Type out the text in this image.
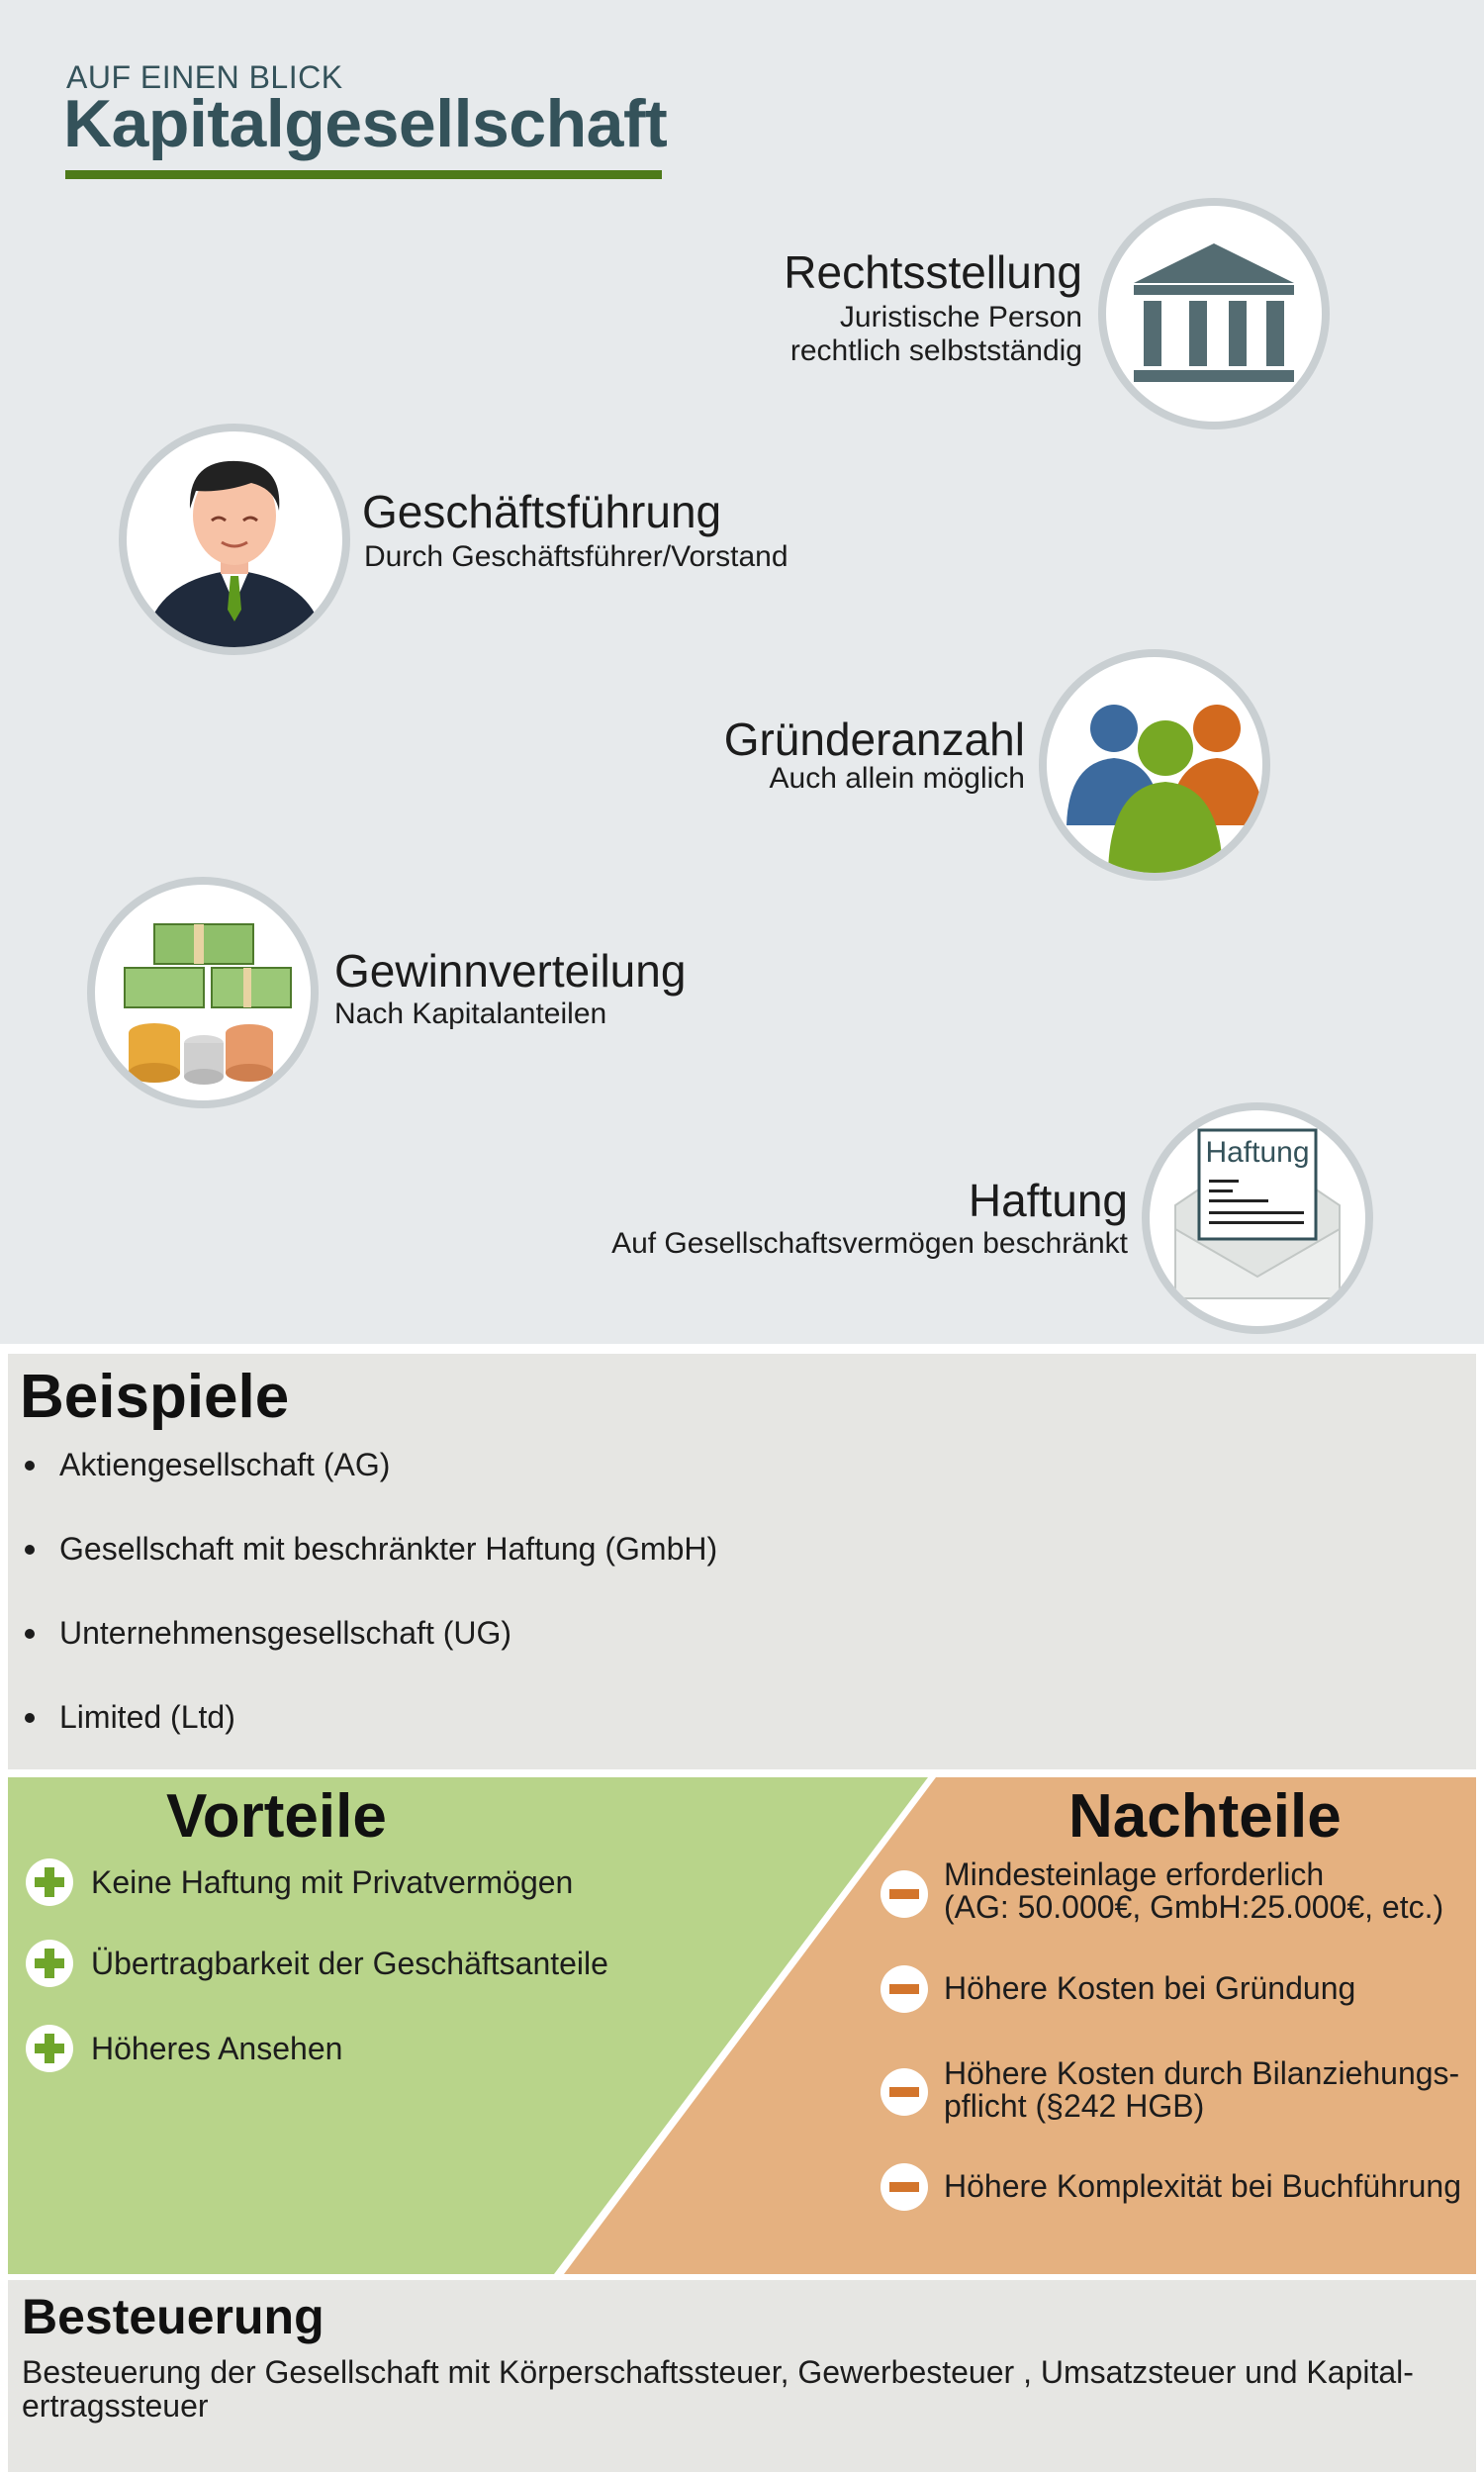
AUF EINEN BLICK
Kapitalgesellschaft
Rechtsstellung
Juristische Person
rechtlich selbstständig
Geschäftsführung
Durch Geschäftsführer/Vorstand
Gründeranzahl
Auch allein möglich
Gewinnverteilung
Nach Kapitalanteilen
Haftung
Auf Gesellschaftsvermögen beschränkt
Haftung
Beispiele
Aktiengesellschaft (AG)
Gesellschaft mit beschränkter Haftung (GmbH)
Unternehmensgesellschaft (UG)
Limited (Ltd)
Vorteile	Nachteile
Keine Haftung mit Privatvermögen
Übertragbarkeit der Geschäftsanteile
Höheres Ansehen
Mindesteinlage erforderlich
(AG: 50.000€, GmbH:25.000€, etc.)
Höhere Kosten bei Gründung
Höhere Kosten durch Bilanziehungs-
pflicht (§242 HGB)
Höhere Komplexität bei Buchführung
Besteuerung
Besteuerung der Gesellschaft mit Körperschaftssteuer, Gewerbesteuer , Umsatzsteuer und Kapital-
ertragssteuer
